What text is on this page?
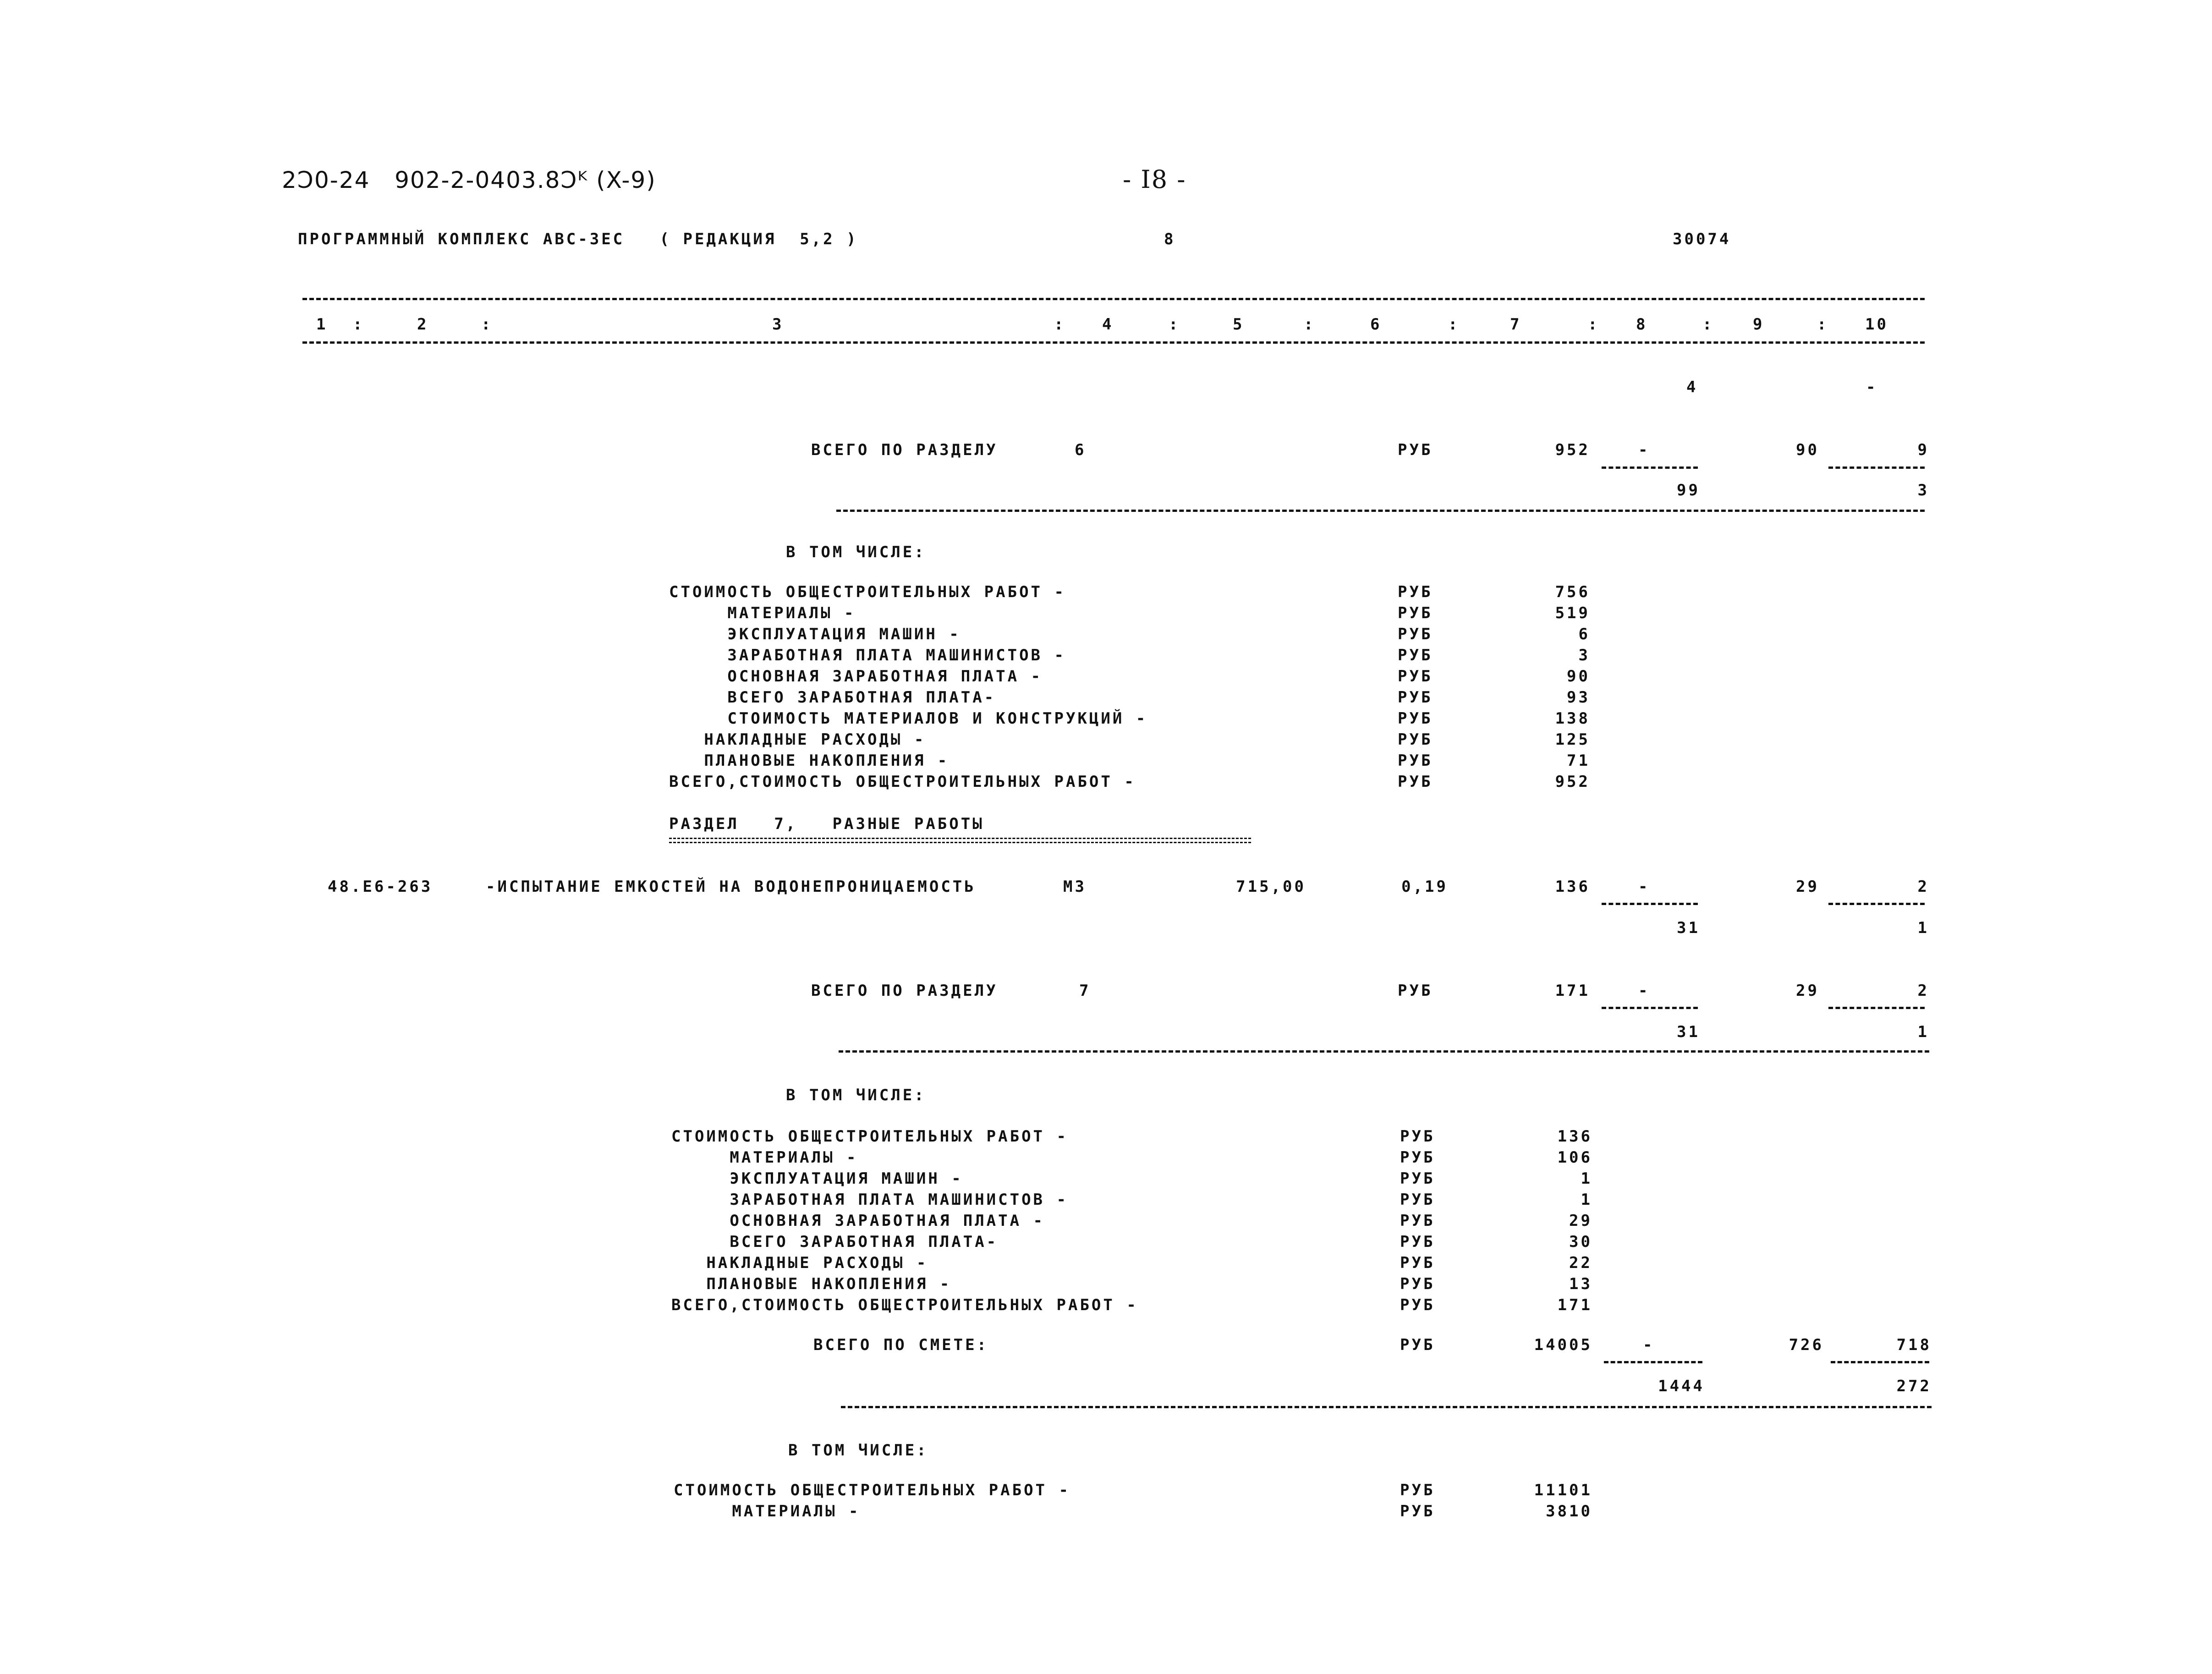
2Ͻ0-24   902-2-0403.8Ͻᴷ (X-9)	- I8 -
ПРОГРАММНЫЙ КОМПЛЕКС АВС-ЗЕС   ( РЕДАКЦИЯ  5,2 )	8	30074
1 :	2	:	3	: 4	:	5	:	6	:	7	: 8	: 9	: 10
4	-
ВСЕГО ПО РАЗДЕЛУ	6	РУБ	952	-	90	9
99	3
В ТОМ ЧИСЛЕ:
СТОИМОСТЬ ОБЩЕСТРОИТЕЛЬНЫХ РАБОТ -	РУБ	756
МАТЕРИАЛЫ -	РУБ	519
ЭКСПЛУАТАЦИЯ МАШИН -	РУБ	6
ЗАРАБОТНАЯ ПЛАТА МАШИНИСТОВ -	РУБ	3
ОСНОВНАЯ ЗАРАБОТНАЯ ПЛАТА -	РУБ	90
ВСЕГО ЗАРАБОТНАЯ ПЛАТА-	РУБ	93
СТОИМОСТЬ МАТЕРИАЛОВ И КОНСТРУКЦИЙ -	РУБ	138
НАКЛАДНЫЕ РАСХОДЫ -	РУБ	125
ПЛАНОВЫЕ НАКОПЛЕНИЯ -	РУБ	71
ВСЕГО,СТОИМОСТЬ ОБЩЕСТРОИТЕЛЬНЫХ РАБОТ -	РУБ	952
РАЗДЕЛ   7,   РАЗНЫЕ РАБОТЫ
48.Е6-263	-ИСПЫТАНИЕ ЕМКОСТЕЙ НА ВОДОНЕПРОНИЦАЕМОСТЬ	М3	715,00	0,19	136	-	29	2
31	1
ВСЕГО ПО РАЗДЕЛУ	7	РУБ	171	-	29	2
31	1
В ТОМ ЧИСЛЕ:
СТОИМОСТЬ ОБЩЕСТРОИТЕЛЬНЫХ РАБОТ -	РУБ	136
МАТЕРИАЛЫ -	РУБ	106
ЭКСПЛУАТАЦИЯ МАШИН -	РУБ	1
ЗАРАБОТНАЯ ПЛАТА МАШИНИСТОВ -	РУБ	1
ОСНОВНАЯ ЗАРАБОТНАЯ ПЛАТА -	РУБ	29
ВСЕГО ЗАРАБОТНАЯ ПЛАТА-	РУБ	30
НАКЛАДНЫЕ РАСХОДЫ -	РУБ	22
ПЛАНОВЫЕ НАКОПЛЕНИЯ -	РУБ	13
ВСЕГО,СТОИМОСТЬ ОБЩЕСТРОИТЕЛЬНЫХ РАБОТ -	РУБ	171
ВСЕГО ПО СМЕТЕ:	РУБ	14005	-	726	718
1444	272
В ТОМ ЧИСЛЕ:
СТОИМОСТЬ ОБЩЕСТРОИТЕЛЬНЫХ РАБОТ -	РУБ	11101
МАТЕРИАЛЫ -	РУБ	3810
